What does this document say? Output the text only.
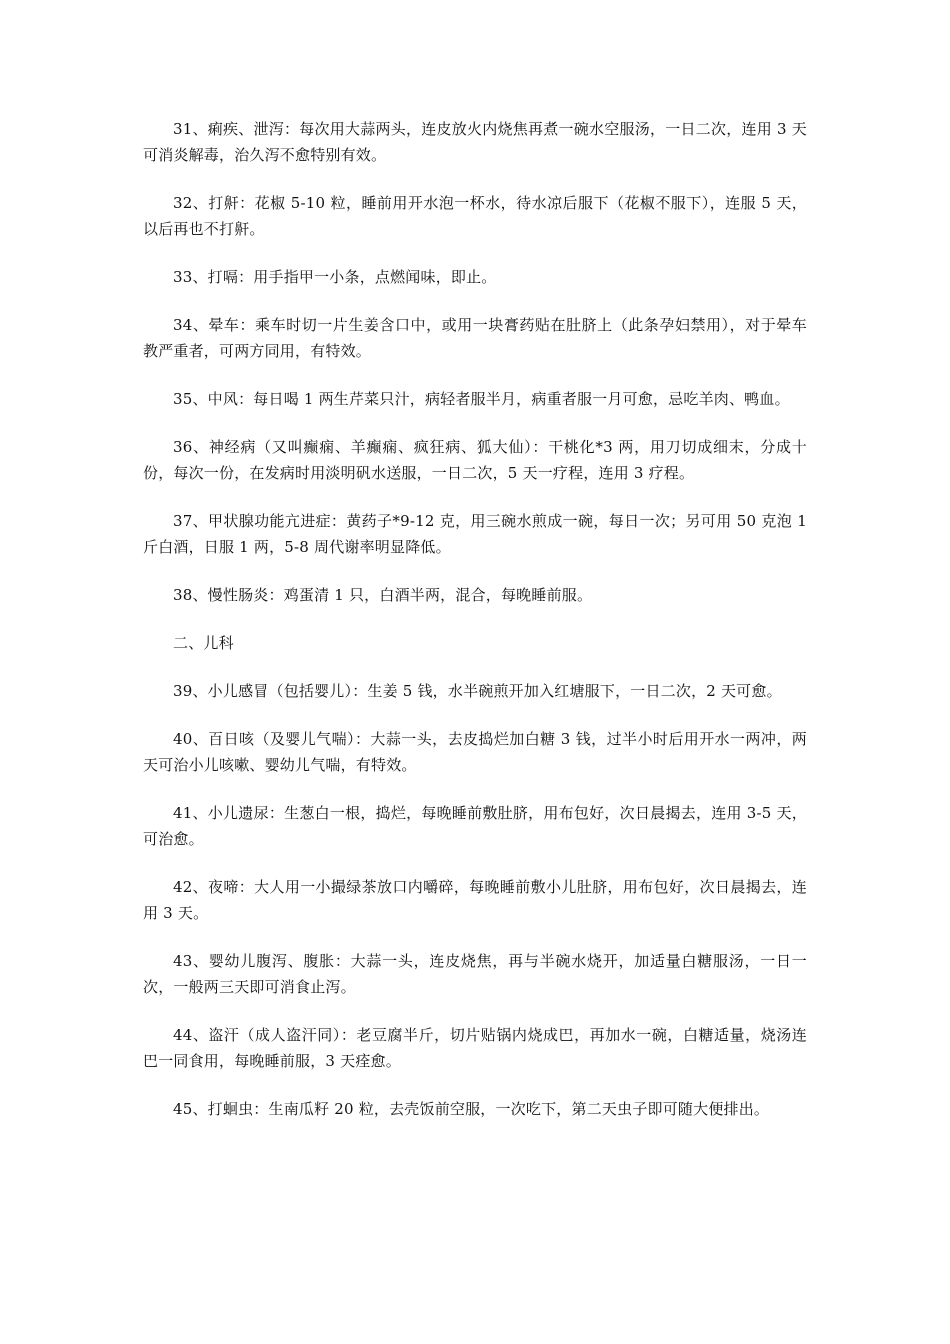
31、痢疾、泄泻：每次用大蒜两头，连皮放火内烧焦再煮一碗水空服汤，一日二次，连用 3 天可消炎解毒，治久泻不愈特别有效。

32、打鼾：花椒 5-10 粒，睡前用开水泡一杯水，待水凉后服下（花椒不服下），连服 5 天，以后再也不打鼾。

33、打嗝：用手指甲一小条，点燃闻味，即止。

34、晕车：乘车时切一片生姜含口中，或用一块膏药贴在肚脐上（此条孕妇禁用），对于晕车教严重者，可两方同用，有特效。

35、中风：每日喝 1 两生芹菜只汁，病轻者服半月，病重者服一月可愈，忌吃羊肉、鸭血。

36、神经病（又叫癫痫、羊癫痫、疯狂病、狐大仙）：干桃化*3 两，用刀切成细末，分成十份，每次一份，在发病时用淡明矾水送服，一日二次，5 天一疗程，连用 3 疗程。

37、甲状腺功能亢进症：黄药子*9-12 克，用三碗水煎成一碗，每日一次；另可用 50 克泡 1 斤白酒，日服 1 两，5-8 周代谢率明显降低。

38、慢性肠炎：鸡蛋清 1 只，白酒半两，混合，每晚睡前服。

二、儿科

39、小儿感冒（包括婴儿）：生姜 5 钱，水半碗煎开加入红塘服下，一日二次，2 天可愈。

40、百日咳（及婴儿气喘）：大蒜一头，去皮捣烂加白糖 3 钱，过半小时后用开水一两冲，两天可治小儿咳嗽、婴幼儿气喘，有特效。

41、小儿遗尿：生葱白一根，捣烂，每晚睡前敷肚脐，用布包好，次日晨揭去，连用 3-5 天，可治愈。

42、夜啼：大人用一小撮绿茶放口内嚼碎，每晚睡前敷小儿肚脐，用布包好，次日晨揭去，连用 3 天。

43、婴幼儿腹泻、腹胀：大蒜一头，连皮烧焦，再与半碗水烧开，加适量白糖服汤，一日一次，一般两三天即可消食止泻。

44、盗汗（成人盗汗同）：老豆腐半斤，切片贴锅内烧成巴，再加水一碗，白糖适量，烧汤连巴一同食用，每晚睡前服，3 天痊愈。

45、打蛔虫：生南瓜籽 20 粒，去壳饭前空服，一次吃下，第二天虫子即可随大便排出。
